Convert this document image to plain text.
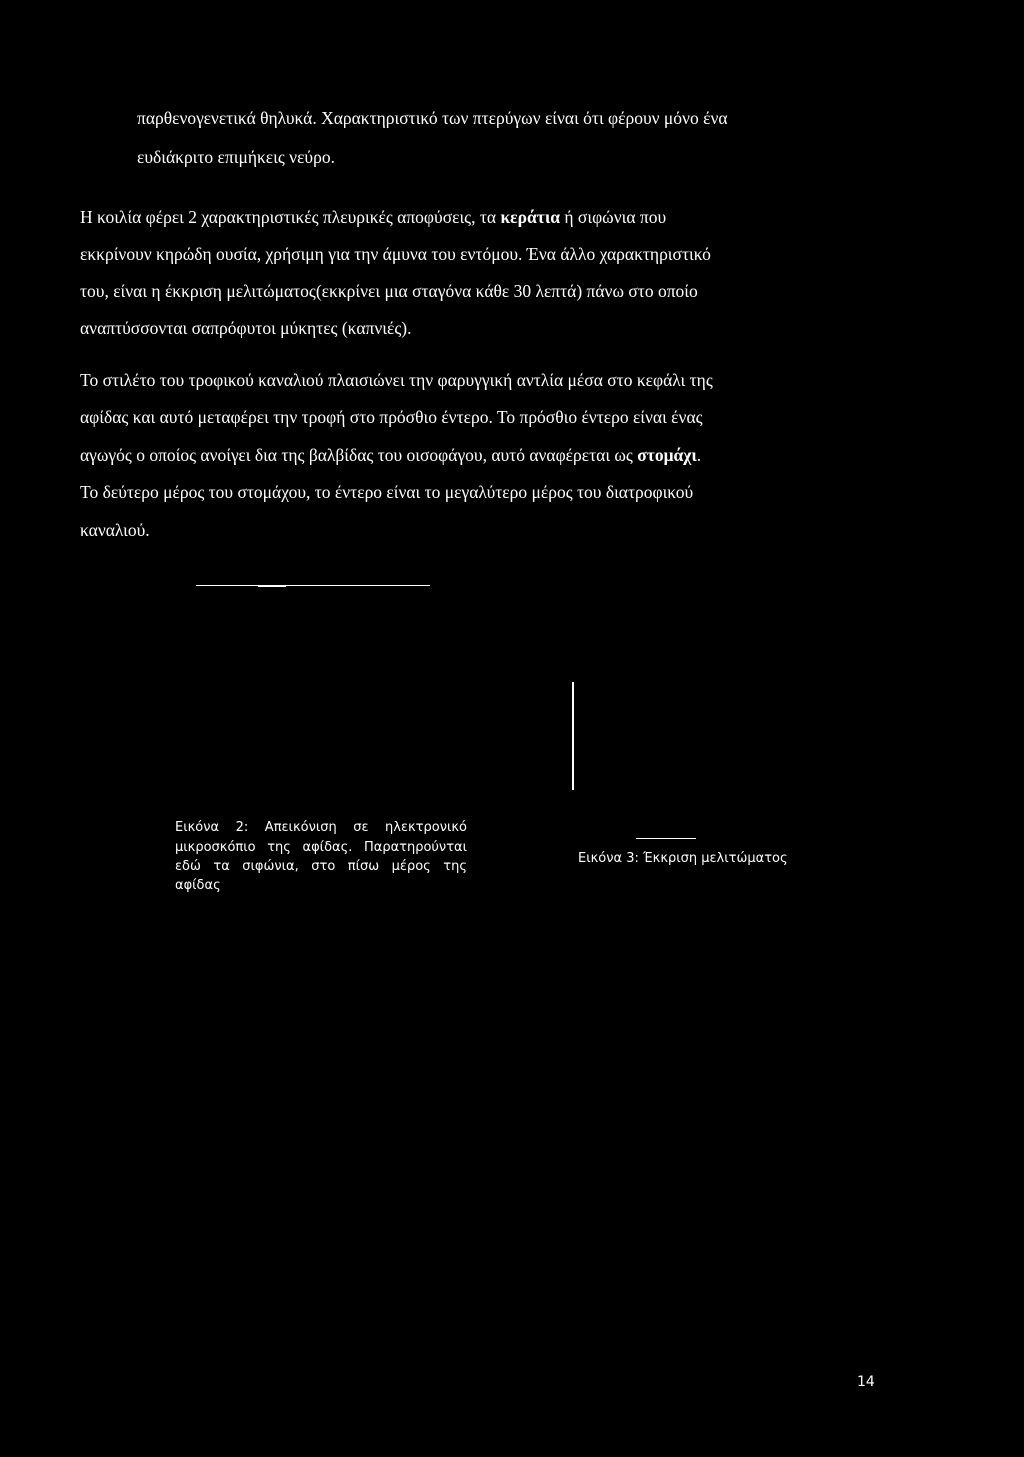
παρθενογενετικά θηλυκά. Χαρακτηριστικό των πτερύγων είναι ότι φέρουν μόνο ένα
ευδιάκριτο επιμήκεις νεύρο.
Η κοιλία φέρει 2 χαρακτηριστικές πλευρικές αποφύσεις, τα κεράτια ή σιφώνια που
εκκρίνουν κηρώδη ουσία, χρήσιμη για την άμυνα του εντόμου. Ένα άλλο χαρακτηριστικό
του, είναι η έκκριση μελιτώματος(εκκρίνει μια σταγόνα κάθε 30 λεπτά) πάνω στο οποίο
αναπτύσσονται σαπρόφυτοι μύκητες (καπνιές).
Το στιλέτο του τροφικού καναλιού πλαισιώνει την φαρυγγική αντλία μέσα στο κεφάλι της
αφίδας και αυτό μεταφέρει την τροφή στο πρόσθιο έντερο. Το πρόσθιο έντερο είναι ένας
αγωγός ο οποίος ανοίγει δια της βαλβίδας του οισοφάγου, αυτό αναφέρεται ως στομάχι.
Το δεύτερο μέρος του στομάχου, το έντερο είναι το μεγαλύτερο μέρος του διατροφικού
καναλιού.
Εικόνα 2: Απεικόνιση σε ηλεκτρονικό
μικροσκόπιο της αφίδας. Παρατηρούνται
εδώ τα σιφώνια, στο πίσω μέρος της
αφίδας
Εικόνα 3: Έκκριση μελιτώματος
14
